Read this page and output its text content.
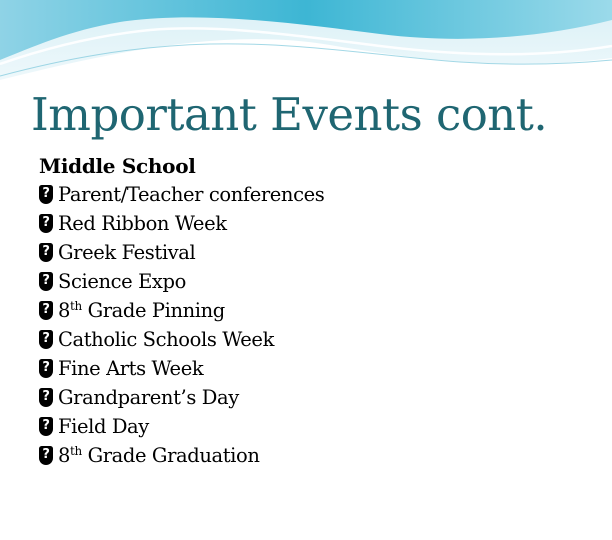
Important Events cont.
Middle School
?
Parent/Teacher conferences
?
Red Ribbon Week
?
Greek Festival
?
Science Expo
?
8th Grade Pinning
?
Catholic Schools Week
?
Fine Arts Week
?
Grandparent’s Day
?
Field Day
?
8th Grade Graduation
